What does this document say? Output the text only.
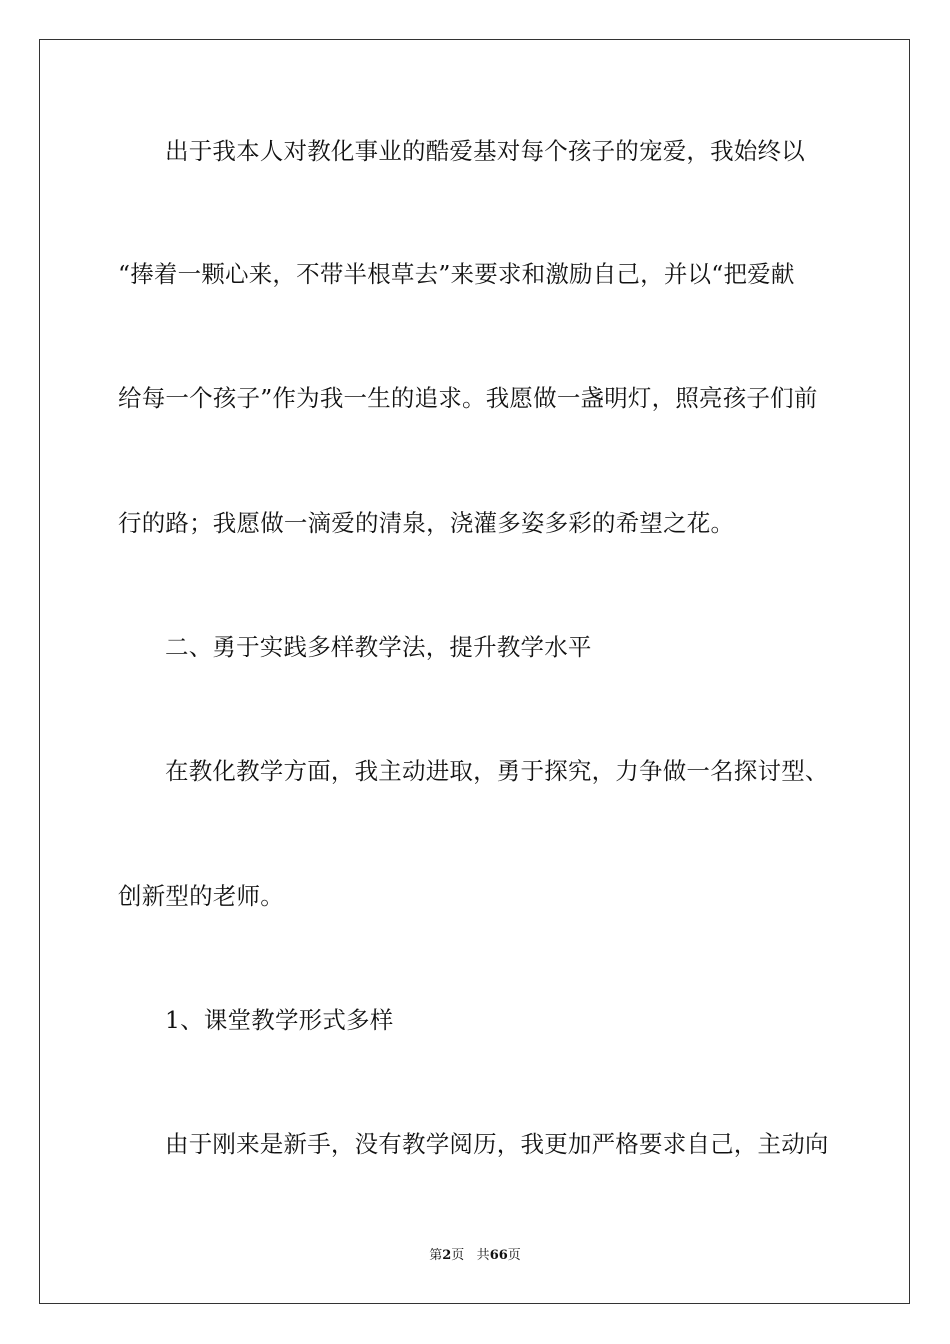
出于我本人对教化事业的酷爱基对每个孩子的宠爱，我始终以
“捧着一颗心来，不带半根草去”来要求和激励自己，并以“把爱献
给每一个孩子”作为我一生的追求。我愿做一盏明灯，照亮孩子们前
行的路；我愿做一滴爱的清泉，浇灌多姿多彩的希望之花。
二、勇于实践多样教学法，提升教学水平
在教化教学方面，我主动进取，勇于探究，力争做一名探讨型、
创新型的老师。
1、课堂教学形式多样
由于刚来是新手，没有教学阅历，我更加严格要求自己，主动向
第2页 共66页
